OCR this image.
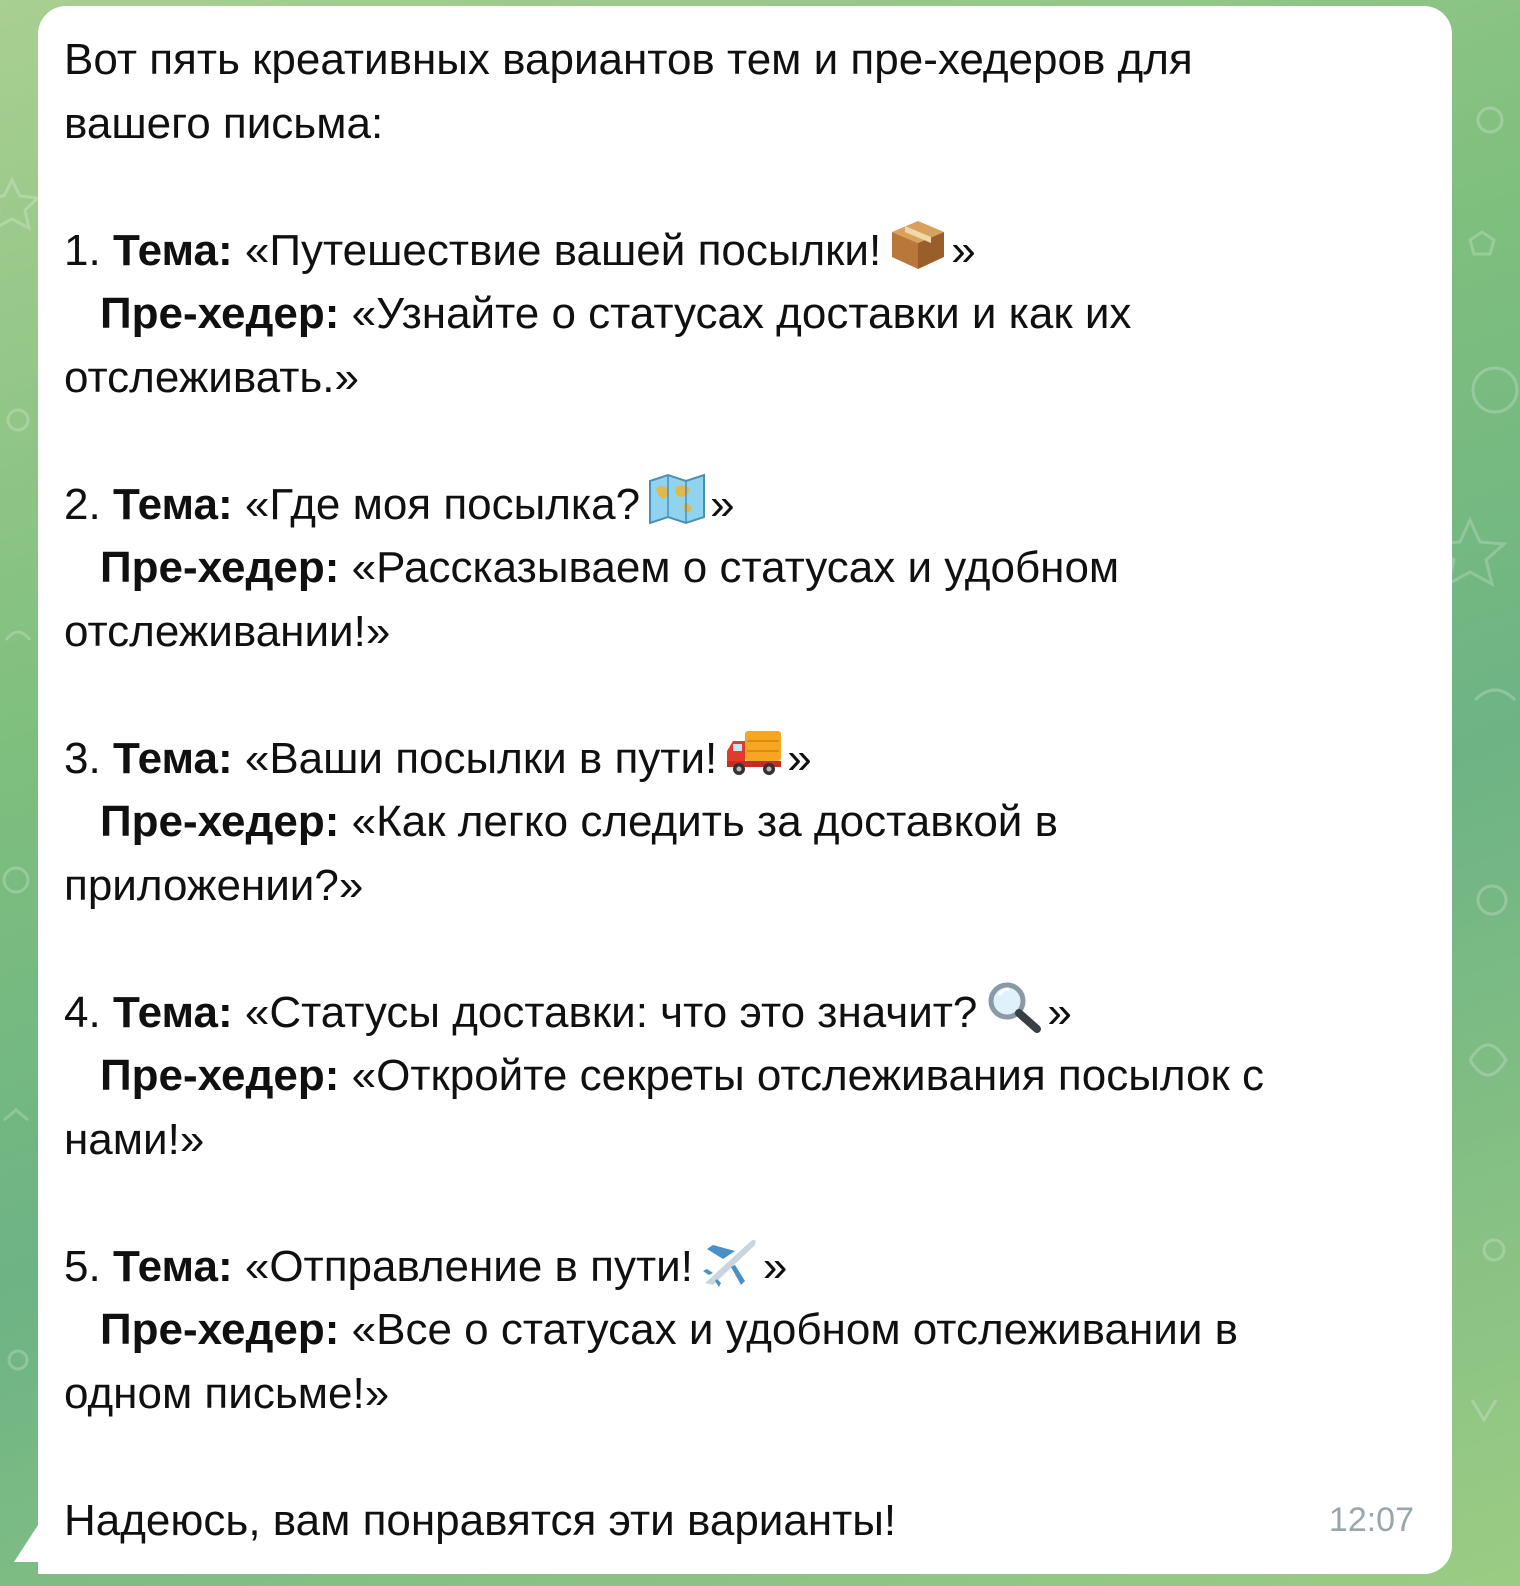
Вот пять креативных вариантов тем и пре-хедеров для
вашего письма:
1. Тема: «Путешествие вашей посылки! »
Пре-хедер: «Узнайте о статусах доставки и как их
отслеживать.»
2. Тема: «Где моя посылка? »
Пре-хедер: «Рассказываем о статусах и удобном
отслеживании!»
3. Тема: «Ваши посылки в пути! »
Пре-хедер: «Как легко следить за доставкой в
приложении?»
4. Тема: «Статусы доставки: что это значит? »
Пре-хедер: «Откройте секреты отслеживания посылок с
нами!»
5. Тема: «Отправление в пути! »
Пре-хедер: «Все о статусах и удобном отслеживании в
одном письме!»
Надеюсь, вам понравятся эти варианты!	12:07
